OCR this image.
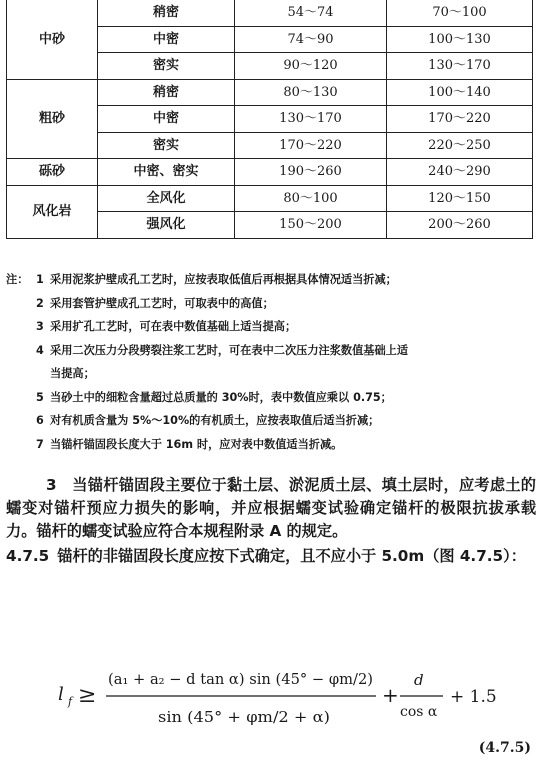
中砂	稍密	54～74	70～100
	中密	74～90	100～130
	密实	90～120	130～170
粗砂	稍密	80～130	100～140
	中密	130～170	170～220
	密实	170～220	220～250
砾砂	中密、密实	190～260	240～290
风化岩	全风化	80～100	120～150
	强风化	150～200	200～260
注： 1 采用泥浆护壁成孔工艺时，应按表取低值后再根据具体情况适当折减；
2 采用套管护壁成孔工艺时，可取表中的高值；
3 采用扩孔工艺时，可在表中数值基础上适当提高；
4 采用二次压力分段劈裂注浆工艺时，可在表中二次压力注浆数值基础上适
当提高；
5 当砂土中的细粒含量超过总质量的 30%时，表中数值应乘以 0.75；
6 对有机质含量为 5%～10%的有机质土，应按表取值后适当折减；
7 当锚杆锚固段长度大于 16m 时，应对表中数值适当折减。

3　当锚杆锚固段主要位于黏土层、淤泥质土层、填土层时，应考虑土的蠕变对锚杆预应力损失的影响，并应根据蠕变试验确定锚杆的极限抗拔承载力。锚杆的蠕变试验应符合本规程附录 A 的规定。

4.7.5 锚杆的非锚固段长度应按下式确定，且不应小于 5.0m（图 4.7.5）：

l f ≥
(a₁ + a₂ − d tan α) sin (45° − φm/2)
sin (45° + φm/2 + α)
+
d
cos α
+ 1.5
(4.7.5)
